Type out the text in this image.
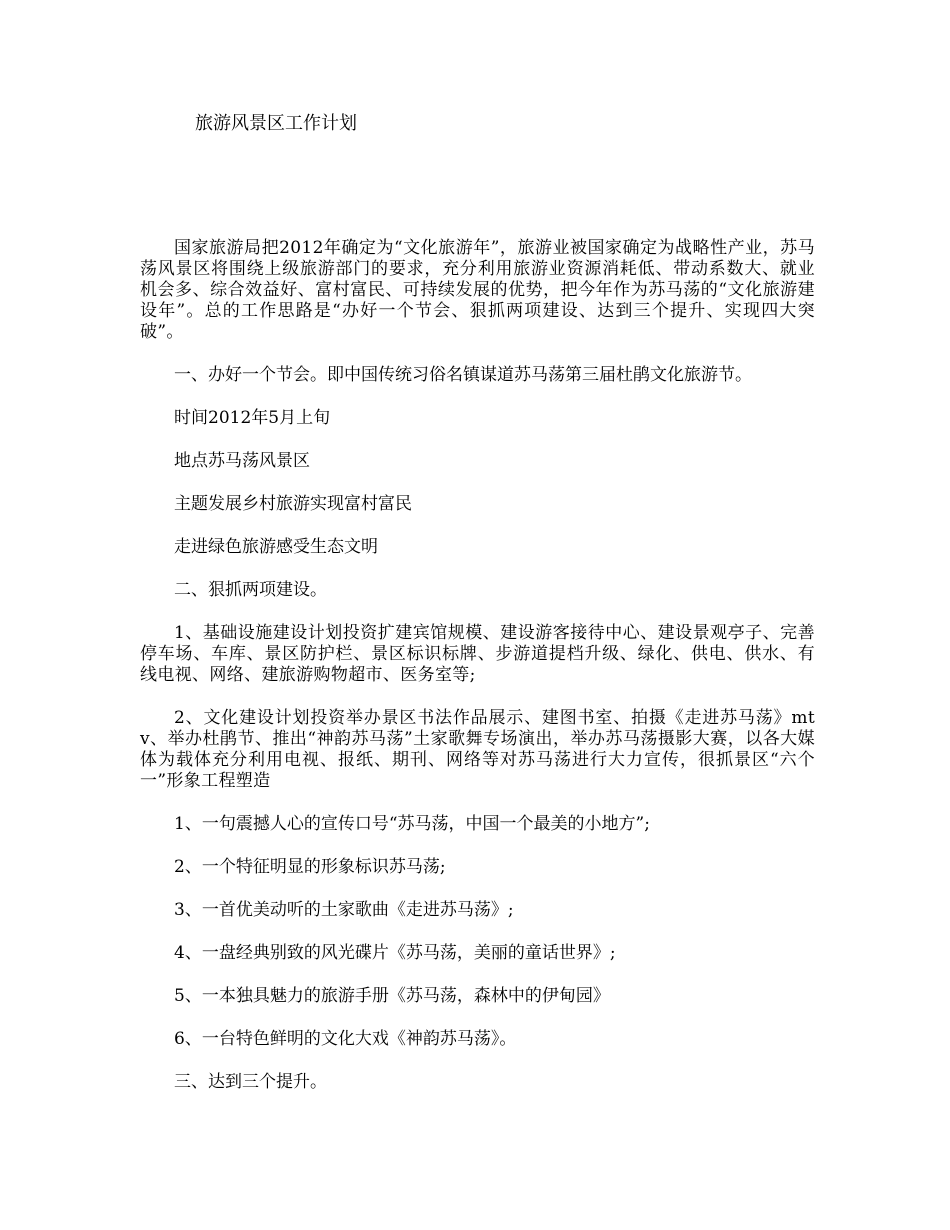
旅游风景区工作计划

国家旅游局把2012年确定为“文化旅游年”，旅游业被国家确定为战略性产业，苏马荡风景区将围绕上级旅游部门的要求，充分利用旅游业资源消耗低、带动系数大、就业机会多、综合效益好、富村富民、可持续发展的优势，把今年作为苏马荡的“文化旅游建设年”。总的工作思路是“办好一个节会、狠抓两项建设、达到三个提升、实现四大突破”。

一、办好一个节会。即中国传统习俗名镇谋道苏马荡第三届杜鹃文化旅游节。

时间2012年5月上旬

地点苏马荡风景区

主题发展乡村旅游实现富村富民

走进绿色旅游感受生态文明

二、狠抓两项建设。

1、基础设施建设计划投资扩建宾馆规模、建设游客接待中心、建设景观亭子、完善停车场、车库、景区防护栏、景区标识标牌、步游道提档升级、绿化、供电、供水、有线电视、网络、建旅游购物超市、医务室等;

2、文化建设计划投资举办景区书法作品展示、建图书室、拍摄《走进苏马荡》mtv、举办杜鹃节、推出“神韵苏马荡”土家歌舞专场演出，举办苏马荡摄影大赛，以各大媒体为载体充分利用电视、报纸、期刊、网络等对苏马荡进行大力宣传，很抓景区“六个一”形象工程塑造

1、一句震撼人心的宣传口号“苏马荡，中国一个最美的小地方”;

2、一个特征明显的形象标识苏马荡;

3、一首优美动听的土家歌曲《走进苏马荡》;

4、一盘经典别致的风光碟片《苏马荡，美丽的童话世界》;

5、一本独具魅力的旅游手册《苏马荡，森林中的伊甸园》

6、一台特色鲜明的文化大戏《神韵苏马荡》。

三、达到三个提升。
